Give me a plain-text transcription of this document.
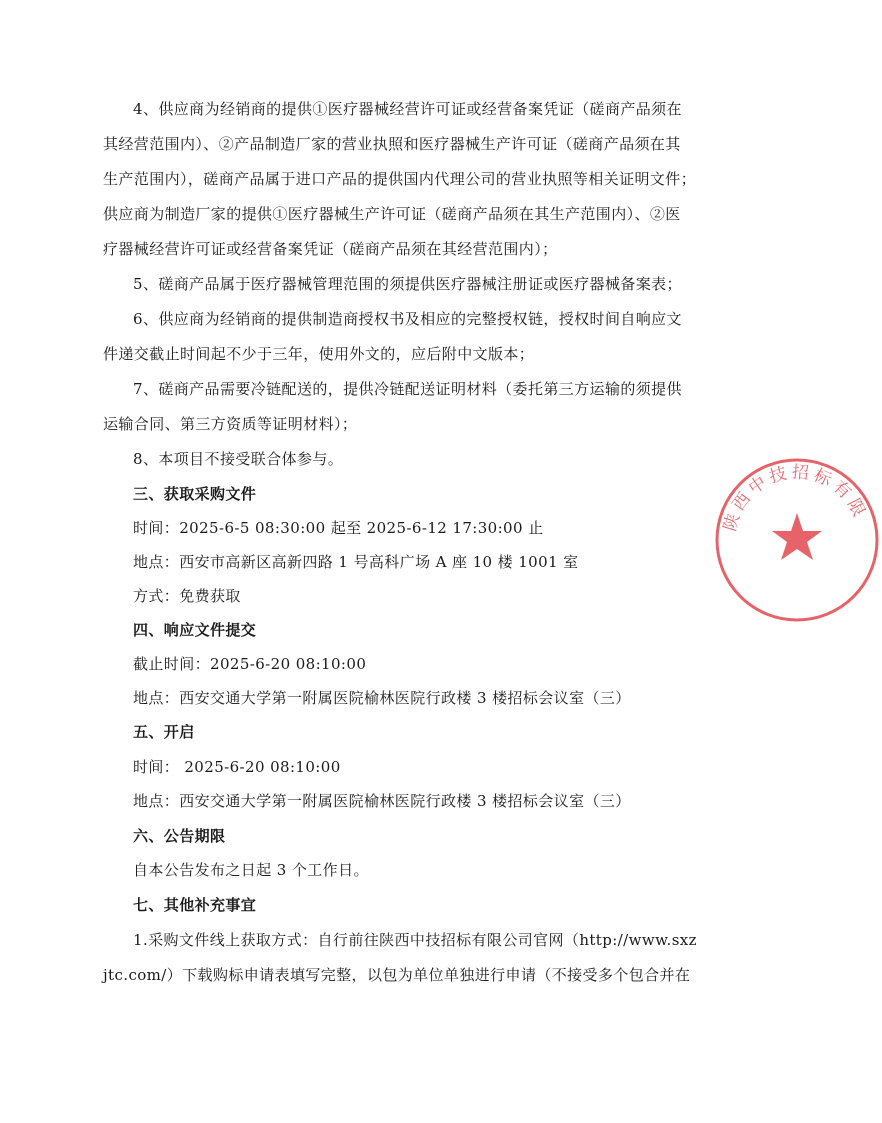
4、供应商为经销商的提供①医疗器械经营许可证或经营备案凭证（磋商产品须在
其经营范围内）、②产品制造厂家的营业执照和医疗器械生产许可证（磋商产品须在其
生产范围内），磋商产品属于进口产品的提供国内代理公司的营业执照等相关证明文件；
供应商为制造厂家的提供①医疗器械生产许可证（磋商产品须在其生产范围内）、②医
疗器械经营许可证或经营备案凭证（磋商产品须在其经营范围内）；
5、磋商产品属于医疗器械管理范围的须提供医疗器械注册证或医疗器械备案表；
6、供应商为经销商的提供制造商授权书及相应的完整授权链，授权时间自响应文
件递交截止时间起不少于三年，使用外文的，应后附中文版本；
7、磋商产品需要冷链配送的，提供冷链配送证明材料（委托第三方运输的须提供
运输合同、第三方资质等证明材料）；
8、本项目不接受联合体参与。
三、获取采购文件
时间：2025-6-5 08:30:00 起至 2025-6-12 17:30:00 止
地点：西安市高新区高新四路 1 号高科广场 A 座 10 楼 1001 室
方式：免费获取
四、响应文件提交
截止时间：2025-6-20 08:10:00
地点：西安交通大学第一附属医院榆林医院行政楼 3 楼招标会议室（三）
五、开启
时间： 2025-6-20 08:10:00
地点：西安交通大学第一附属医院榆林医院行政楼 3 楼招标会议室（三）
六、公告期限
自本公告发布之日起 3 个工作日。
七、其他补充事宜
1.采购文件线上获取方式：自行前往陕西中技招标有限公司官网（http://www.sxz
jtc.com/）下载购标申请表填写完整，以包为单位单独进行申请（不接受多个包合并在
陕西中技招标有限
